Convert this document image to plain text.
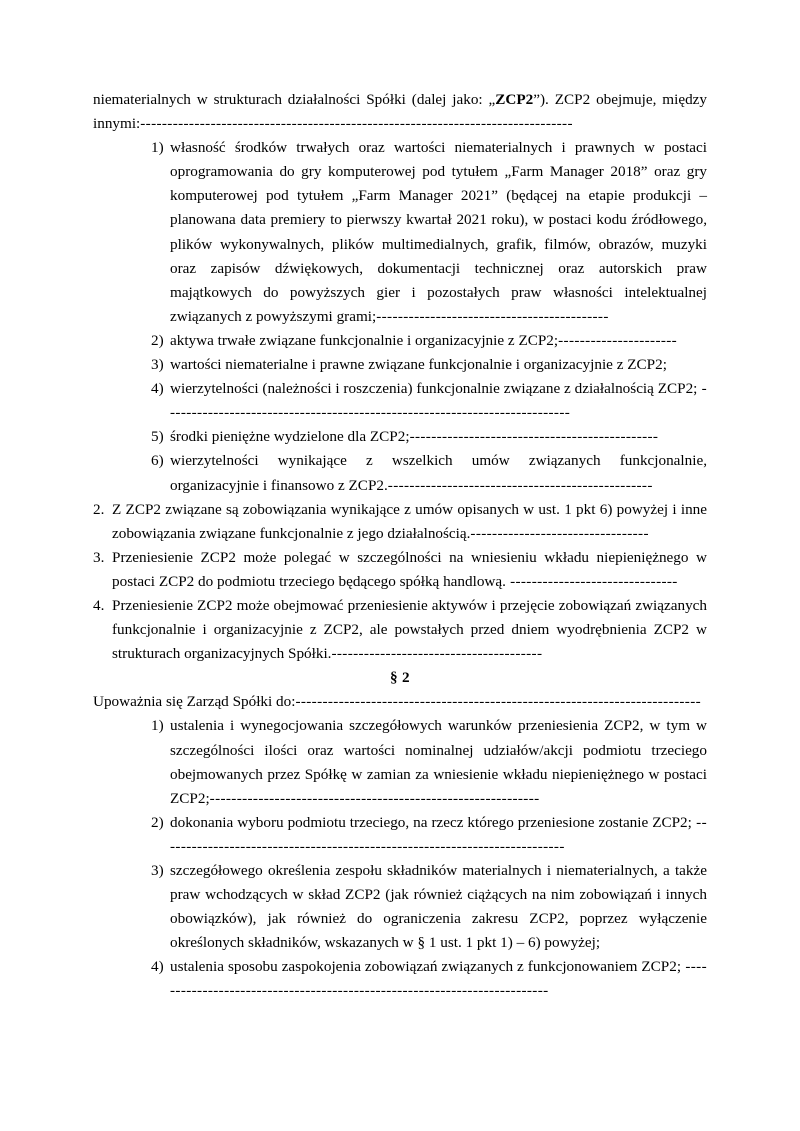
niematerialnych w strukturach działalności Spółki (dalej jako: „ZCP2”). ZCP2 obejmuje, między innymi:--------------------------------------------------------------------------------

1) własność środków trwałych oraz wartości niematerialnych i prawnych w postaci oprogramowania do gry komputerowej pod tytułem „Farm Manager 2018” oraz gry komputerowej pod tytułem „Farm Manager 2021” (będącej na etapie produkcji – planowana data premiery to pierwszy kwartał 2021 roku), w postaci kodu źródłowego, plików wykonywalnych, plików multimedialnych, grafik, filmów, obrazów, muzyki oraz zapisów dźwiękowych, dokumentacji technicznej oraz autorskich praw majątkowych do powyższych gier i pozostałych praw własności intelektualnej związanych z powyższymi grami;-------------------------------------------

2) aktywa trwałe związane funkcjonalnie i organizacyjnie z ZCP2;----------------------

3) wartości niematerialne i prawne związane funkcjonalnie i organizacyjnie z ZCP2;

4) wierzytelności (należności i roszczenia) funkcjonalnie związane z działalnością ZCP2; ---------------------------------------------------------------------------

5) środki pieniężne wydzielone dla ZCP2;----------------------------------------------

6) wierzytelności wynikające z wszelkich umów związanych funkcjonalnie, organizacyjnie i finansowo z ZCP2.-------------------------------------------------

2. Z ZCP2 związane są zobowiązania wynikające z umów opisanych w ust. 1 pkt 6) powyżej i inne zobowiązania związane funkcjonalnie z jego działalnością.---------------------------------

3. Przeniesienie ZCP2 może polegać w szczególności na wniesieniu wkładu niepieniężnego w postaci ZCP2 do podmiotu trzeciego będącego spółką handlową. -------------------------------

4. Przeniesienie ZCP2 może obejmować przeniesienie aktywów i przejęcie zobowiązań związanych funkcjonalnie i organizacyjnie z ZCP2, ale powstałych przed dniem wyodrębnienia ZCP2 w strukturach organizacyjnych Spółki.---------------------------------------

§ 2

Upoważnia się Zarząd Spółki do:---------------------------------------------------------------------------

1) ustalenia i wynegocjowania szczegółowych warunków przeniesienia ZCP2, w tym w szczególności ilości oraz wartości nominalnej udziałów/akcji podmiotu trzeciego obejmowanych przez Spółkę w zamian za wniesienie wkładu niepieniężnego w postaci ZCP2;-------------------------------------------------------------

2) dokonania wyboru podmiotu trzeciego, na rzecz którego przeniesione zostanie ZCP2; ---------------------------------------------------------------------------

3) szczegółowego określenia zespołu składników materialnych i niematerialnych, a także praw wchodzących w skład ZCP2 (jak również ciążących na nim zobowiązań i innych obowiązków), jak również do ograniczenia zakresu ZCP2, poprzez wyłączenie określonych składników, wskazanych w § 1 ust. 1 pkt 1) – 6) powyżej;

4) ustalenia sposobu zaspokojenia zobowiązań związanych z funkcjonowaniem ZCP2; --------------------------------------------------------------------------
